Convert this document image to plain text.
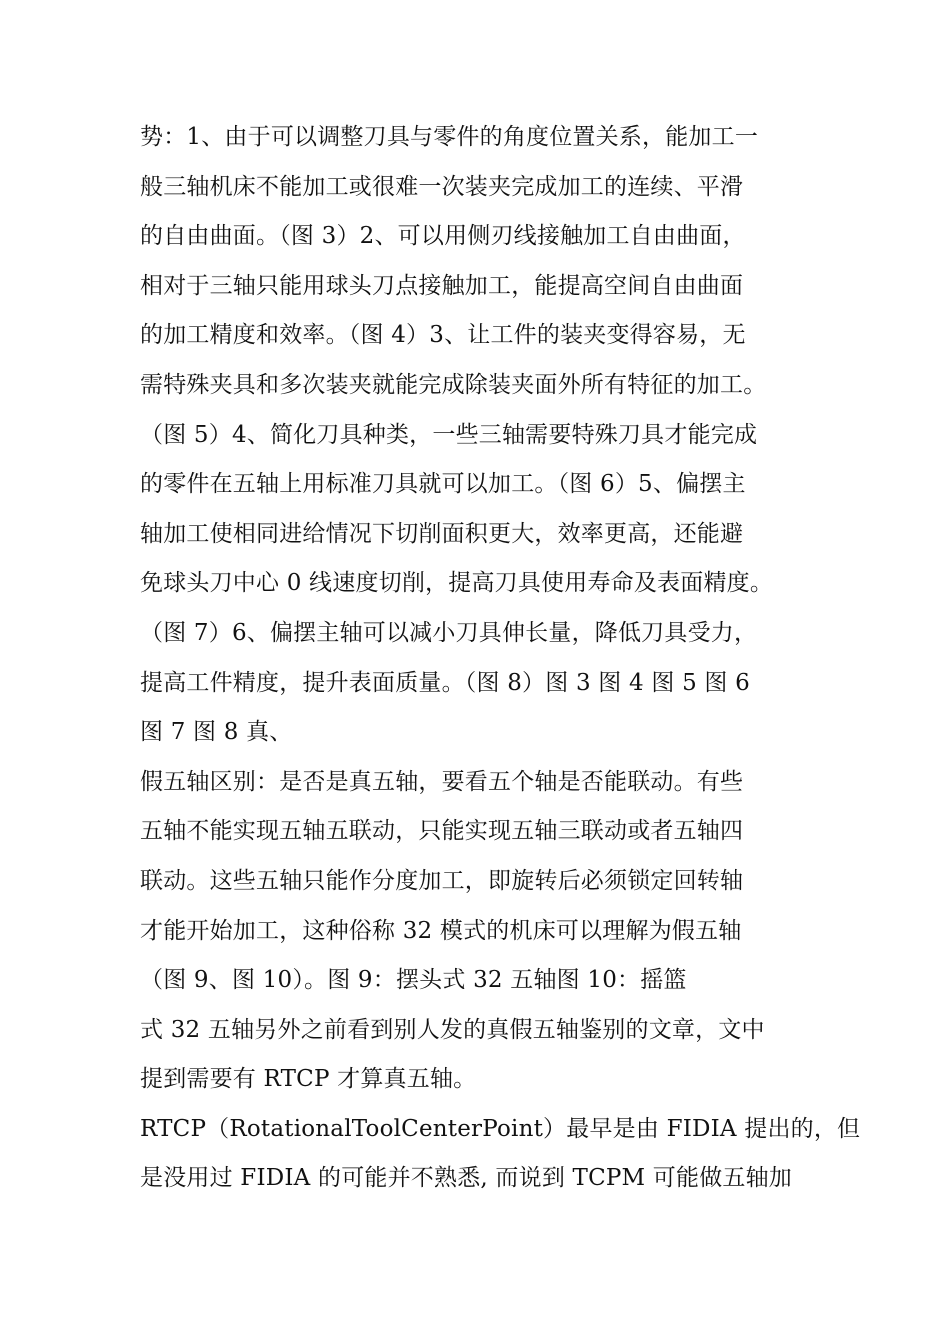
势：1、由于可以调整刀具与零件的角度位置关系，能加工一
般三轴机床不能加工或很难一次装夹完成加工的连续、平滑
的自由曲面。（图 3）2、可以用侧刃线接触加工自由曲面，
相对于三轴只能用球头刀点接触加工，能提高空间自由曲面
的加工精度和效率。（图 4）3、让工件的装夹变得容易，无
需特殊夹具和多次装夹就能完成除装夹面外所有特征的加工。
（图 5）4、简化刀具种类，一些三轴需要特殊刀具才能完成
的零件在五轴上用标准刀具就可以加工。（图 6）5、偏摆主
轴加工使相同进给情况下切削面积更大，效率更高，还能避
免球头刀中心 0 线速度切削，提高刀具使用寿命及表面精度。
（图 7）6、偏摆主轴可以减小刀具伸长量，降低刀具受力，
提高工件精度，提升表面质量。（图 8）图 3 图 4 图 5 图 6
图 7 图 8 真、
假五轴区别：是否是真五轴，要看五个轴是否能联动。有些
五轴不能实现五轴五联动，只能实现五轴三联动或者五轴四
联动。这些五轴只能作分度加工，即旋转后必须锁定回转轴
才能开始加工，这种俗称 32 模式的机床可以理解为假五轴
（图 9、图 10）。图 9：摆头式 32 五轴图 10：摇篮
式 32 五轴另外之前看到别人发的真假五轴鉴别的文章，文中
提到需要有 RTCP 才算真五轴。
RTCP（RotationalToolCenterPoint）最早是由 FIDIA 提出的，但
是没用过 FIDIA 的可能并不熟悉, 而说到 TCPM 可能做五轴加
